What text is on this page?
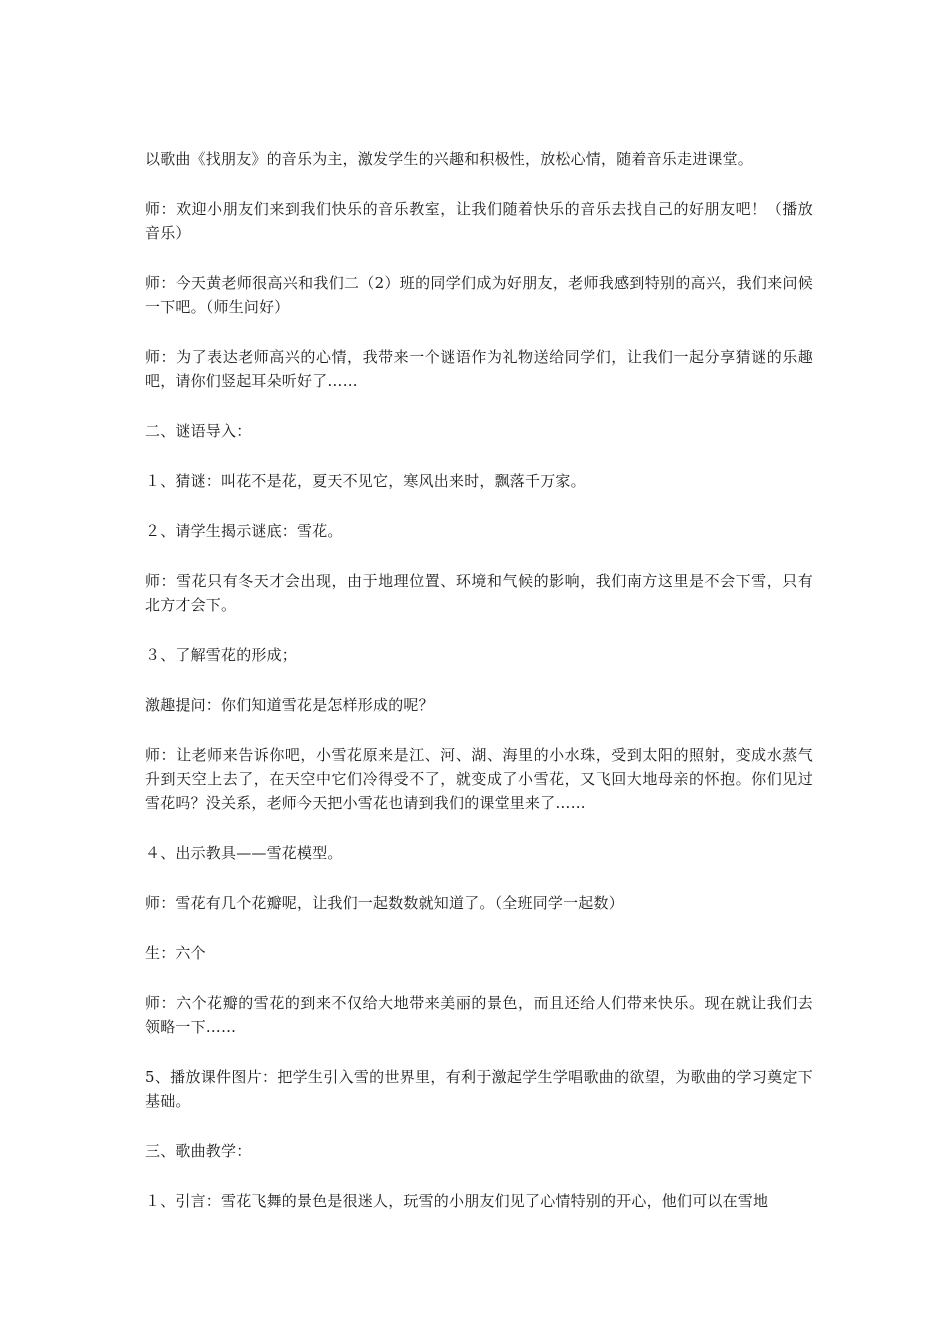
以歌曲《找朋友》的音乐为主，激发学生的兴趣和积极性，放松心情，随着音乐走进课堂。

师：欢迎小朋友们来到我们快乐的音乐教室，让我们随着快乐的音乐去找自己的好朋友吧！（播放音乐）

师：今天黄老师很高兴和我们二（2）班的同学们成为好朋友，老师我感到特别的高兴，我们来问候一下吧。（师生问好）

师：为了表达老师高兴的心情，我带来一个谜语作为礼物送给同学们，让我们一起分享猜谜的乐趣吧，请你们竖起耳朵听好了……

二、谜语导入：

１、猜谜：叫花不是花，夏天不见它，寒风出来时，飘落千万家。

２、请学生揭示谜底：雪花。

师：雪花只有冬天才会出现，由于地理位置、环境和气候的影响，我们南方这里是不会下雪，只有北方才会下。

３、了解雪花的形成；

激趣提问：你们知道雪花是怎样形成的呢？

师：让老师来告诉你吧，小雪花原来是江、河、湖、海里的小水珠，受到太阳的照射，变成水蒸气升到天空上去了，在天空中它们冷得受不了，就变成了小雪花，又飞回大地母亲的怀抱。你们见过雪花吗？没关系，老师今天把小雪花也请到我们的课堂里来了……

４、出示教具——雪花模型。

师：雪花有几个花瓣呢，让我们一起数数就知道了。（全班同学一起数）

生：六个

师：六个花瓣的雪花的到来不仅给大地带来美丽的景色，而且还给人们带来快乐。现在就让我们去领略一下……

5、播放课件图片：把学生引入雪的世界里，有利于激起学生学唱歌曲的欲望，为歌曲的学习奠定下基础。

三、歌曲教学：

１、引言：雪花飞舞的景色是很迷人，玩雪的小朋友们见了心情特别的开心，他们可以在雪地
